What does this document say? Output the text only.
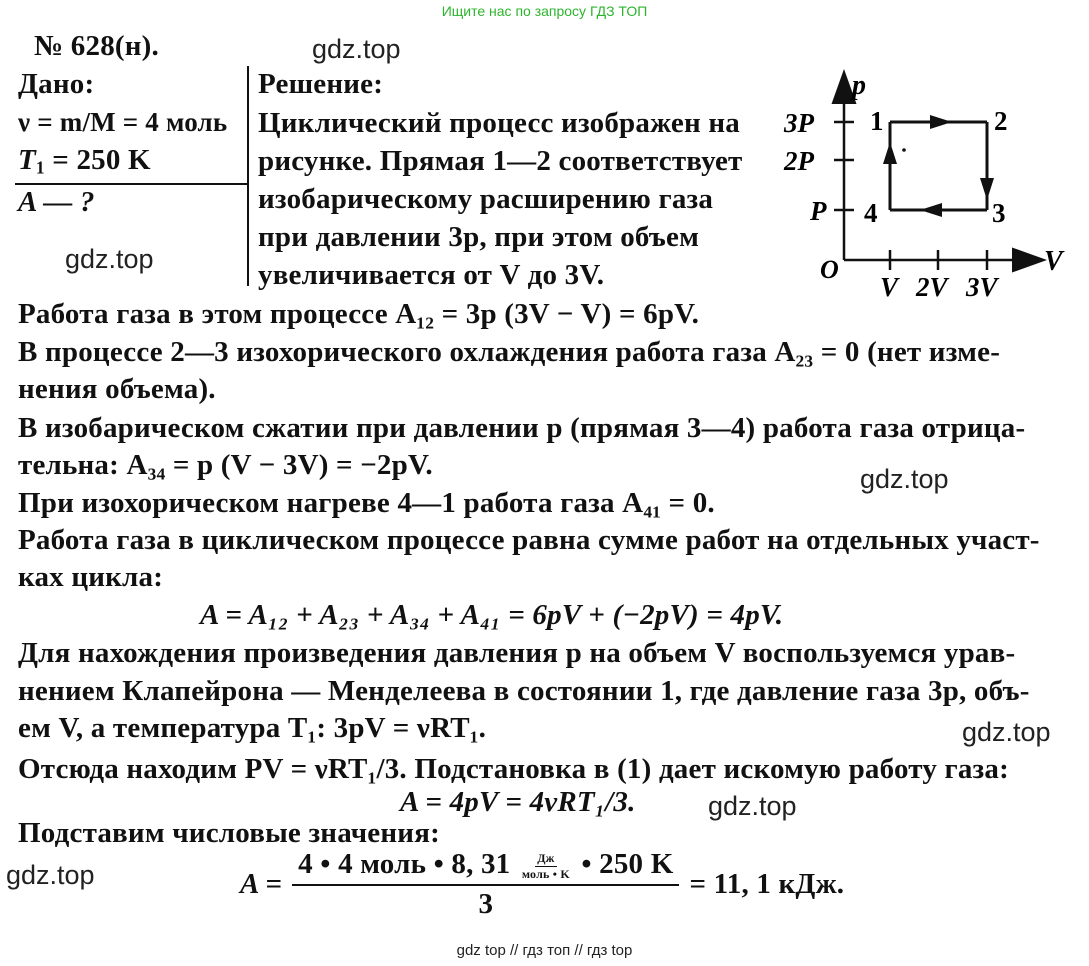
Ищите нас по запросу ГДЗ ТОП
№ 628(н).	gdz.top
gdz.top
gdz.top
gdz.top
gdz.top
gdz.top
Дано:
ν = m/M = 4 моль
$T_1 = 250$ K
A — ?
Решение:
Циклический процесс изображен на
рисунке. Прямая 1—2 соответствует
изобарическому расширению газа
при давлении 3p, при этом объем
увеличивается от V до 3V.
p
V
O
3P
2P
P
V 2V 3V
1	2
3
4
Работа газа в этом процессе A₁₂ = 3p (3V − V) = 6pV.
В процессе 2—3 изохорического охлаждения работа газа A₂₃ = 0 (нет изме-
нения объема).
В изобарическом сжатии при давлении p (прямая 3—4) работа газа отрица-
тельна: A₃₄ = p (V − 3V) = −2pV.
При изохорическом нагреве 4—1 работа газа A₄₁ = 0.
Работа газа в циклическом процессе равна сумме работ на отдельных участ-
ках цикла:
A = A₁₂ + A₂₃ + A₃₄ + A₄₁ = 6pV + (−2pV) = 4pV.
Для нахождения произведения давления p на объем V воспользуемся урав-
нением Клапейрона — Менделеева в состоянии 1, где давление газа 3p, объ-
ем V, а температура T₁: 3pV = νRT₁.
Отсюда находим PV = νRT₁/3. Подстановка в (1) дает искомую работу газа:
A = 4pV = 4νRT₁/3.
Подставим числовые значения:
A = 4 • 4 моль • 8, 31 Дж
моль • K • 250 K
3 = 11, 1 кДж.
gdz top // гдз топ // гдз top
